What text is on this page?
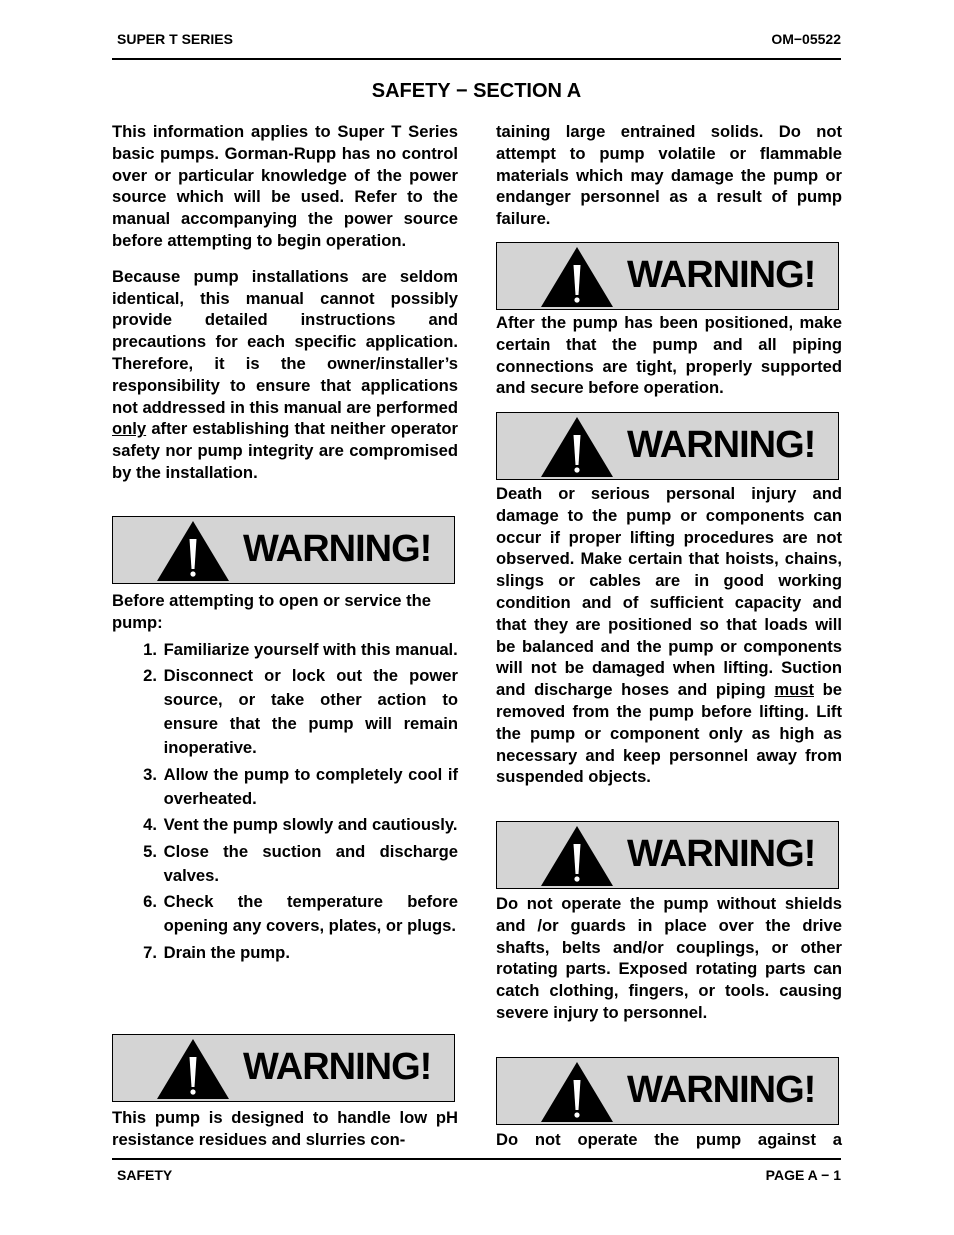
SUPER T SERIES	OM−05522
SAFETY − SECTION A

This information applies to Super T Series basic pumps. Gorman-Rupp has no control over or particular knowledge of the power source which will be used. Refer to the manual accompanying the power source before attempting to begin operation.

Because pump installations are seldom identical, this manual cannot possibly provide detailed instructions and precautions for each specific application. Therefore, it is the owner/installer’s responsibility to ensure that applications not addressed in this manual are performed only after establishing that neither operator safety nor pump integrity are compromised by the installation.

WARNING!

Before attempting to open or service the pump:

1.
Familiarize yourself with this manual.
2.
Disconnect or lock out the power source, or take other action to ensure that the pump will remain inoperative.
3.
Allow the pump to completely cool if overheated.
4.
Vent the pump slowly and cautiously.
5.
Close the suction and discharge valves.
6.
Check the temperature before opening any covers, plates, or plugs.
7.
Drain the pump.
WARNING!

This pump is designed to handle low pH resistance residues and slurries con-

taining large entrained solids. Do not attempt to pump volatile or flammable materials which may damage the pump or endanger personnel as a result of pump failure.

WARNING!

After the pump has been positioned, make certain that the pump and all piping connections are tight, properly supported and secure before operation.

WARNING!

Death or serious personal injury and damage to the pump or components can occur if proper lifting procedures are not observed. Make certain that hoists, chains, slings or cables are in good working condition and of sufficient capacity and that they are positioned so that loads will be balanced and the pump or components will not be damaged when lifting. Suction and discharge hoses and piping must be removed from the pump before lifting. Lift the pump or component only as high as necessary and keep personnel away from suspended objects.

WARNING!

Do not operate the pump without shields and /or guards in place over the drive shafts, belts and/or couplings, or other rotating parts. Exposed rotating parts can catch clothing, fingers, or tools. causing severe injury to personnel.

WARNING!

Do not operate the pump against a

SAFETY	PAGE A − 1
